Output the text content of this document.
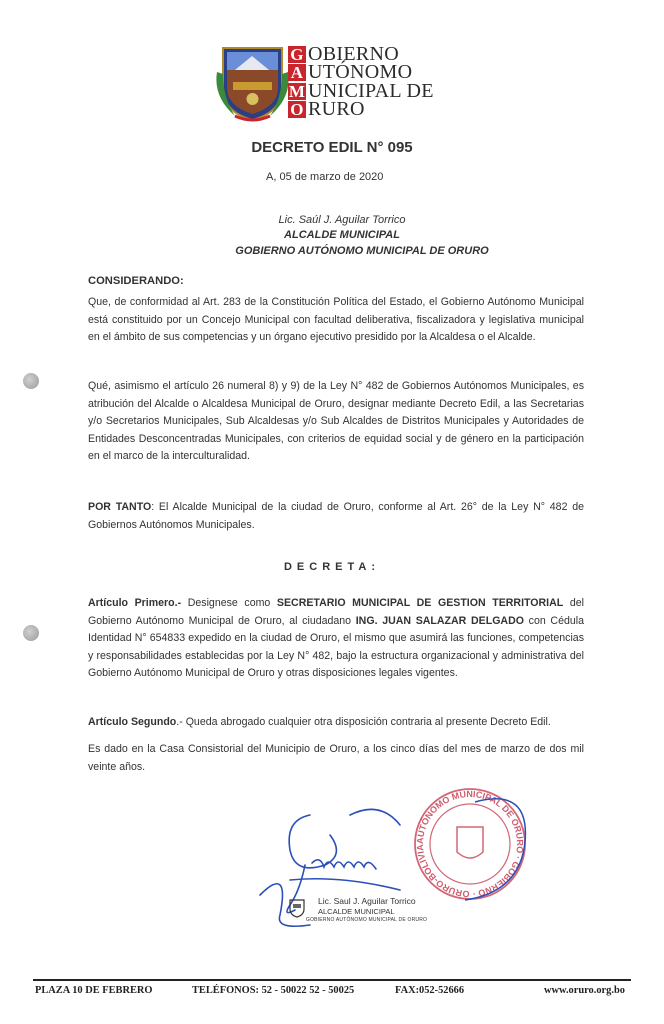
G OBIERNO
A UTÓNOMO
M UNICIPAL DE
O RURO
DECRETO EDIL N° 095
A, 05 de marzo de 2020
Lic. Saúl J. Aguilar Torrico
ALCALDE MUNICIPAL
GOBIERNO AUTÓNOMO MUNICIPAL DE ORURO
CONSIDERANDO:
Que, de conformidad al Art. 283 de la Constitución Política del Estado, el Gobierno Autónomo Municipal está constituido por un Concejo Municipal con facultad deliberativa, fiscalizadora y legislativa municipal en el ámbito de sus competencias y un órgano ejecutivo presidido por la Alcaldesa o el Alcalde.
Qué, asimismo el artículo 26 numeral 8) y 9) de la Ley N° 482 de Gobiernos Autónomos Municipales, es atribución del Alcalde o Alcaldesa Municipal de Oruro, designar mediante Decreto Edil, a las Secretarias y/o Secretarios Municipales, Sub Alcaldesas y/o Sub Alcaldes de Distritos Municipales y Autoridades de Entidades Desconcentradas Municipales, con criterios de equidad social y de género en la participación en el marco de la interculturalidad.
POR TANTO: El Alcalde Municipal de la ciudad de Oruro, conforme al Art. 26° de la Ley N° 482 de Gobiernos Autónomos Municipales.
DECRETA:
Artículo Primero.- Designese como SECRETARIO MUNICIPAL DE GESTION TERRITORIAL del Gobierno Autónomo Municipal de Oruro, al ciudadano ING. JUAN SALAZAR DELGADO con Cédula Identidad N° 654833 expedido en la ciudad de Oruro, el mismo que asumirá las funciones, competencias y responsabilidades establecidas por la Ley N° 482, bajo la estructura organizacional y administrativa del Gobierno Autónomo Municipal de Oruro y otras disposiciones legales vigentes.
Artículo Segundo.- Queda abrogado cualquier otra disposición contraria al presente Decreto Edil.
Es dado en la Casa Consistorial del Municipio de Oruro, a los cinco días del mes de marzo de dos mil veinte años.
AUTÓNOMO MUNICIPAL DE ORURO · GOBIERNO · ORURO-BOLIVIA
Lic. Saul J. Aguilar Torrico
ALCALDE MUNICIPAL
GOBIERNO AUTÓNOMO MUNICIPAL DE ORURO
PLAZA 10 DE FEBRERO	TELÉFONOS: 52 - 50022 52 - 50025	FAX:052-52666	www.oruro.org.bo
